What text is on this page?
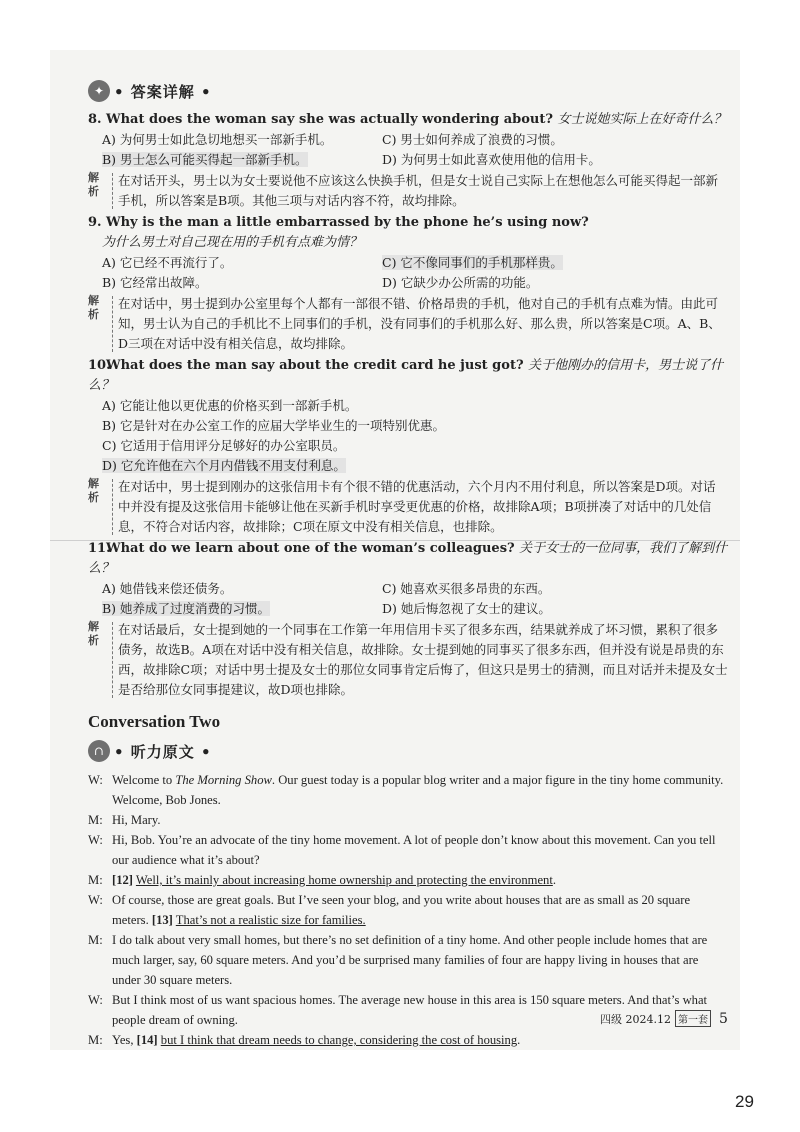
✦ • 答案详解 •
8. What does the woman say she was actually wondering about? 女士说她实际上在好奇什么？
A) 为何男士如此急切地想买一部新手机。	C) 男士如何养成了浪费的习惯。
B) 男士怎么可能买得起一部新手机。	D) 为何男士如此喜欢使用他的信用卡。
解析
在对话开头，男士以为女士要说他不应该这么快换手机，但是女士说自己实际上在想他怎么可能买得起一部新手机，所以答案是B项。其他三项与对话内容不符，故均排除。
9. Why is the man a little embarrassed by the phone he’s using now?
为什么男士对自己现在用的手机有点难为情？
A) 它已经不再流行了。	C) 它不像同事们的手机那样贵。
B) 它经常出故障。	D) 它缺少办公所需的功能。
解析
在对话中，男士提到办公室里每个人都有一部很不错、价格昂贵的手机，他对自己的手机有点难为情。由此可知，男士认为自己的手机比不上同事们的手机，没有同事们的手机那么好、那么贵，所以答案是C项。A、B、D三项在对话中没有相关信息，故均排除。
10.What does the man say about the credit card he just got? 关于他刚办的信用卡，男士说了什么？
A) 它能让他以更优惠的价格买到一部新手机。
B) 它是针对在办公室工作的应届大学毕业生的一项特别优惠。
C) 它适用于信用评分足够好的办公室职员。
D) 它允许他在六个月内借钱不用支付利息。
解析
在对话中，男士提到刚办的这张信用卡有个很不错的优惠活动，六个月内不用付利息，所以答案是D项。对话中并没有提及这张信用卡能够让他在买新手机时享受更优惠的价格，故排除A项；B项拼凑了对话中的几处信息，不符合对话内容，故排除；C项在原文中没有相关信息，也排除。
11.What do we learn about one of the woman’s colleagues? 关于女士的一位同事，我们了解到什么？
A) 她借钱来偿还债务。	C) 她喜欢买很多昂贵的东西。
B) 她养成了过度消费的习惯。	D) 她后悔忽视了女士的建议。
解析
在对话最后，女士提到她的一个同事在工作第一年用信用卡买了很多东西，结果就养成了坏习惯，累积了很多债务，故选B。A项在对话中没有相关信息，故排除。女士提到她的同事买了很多东西，但并没有说是昂贵的东西，故排除C项；对话中男士提及女士的那位女同事肯定后悔了，但这只是男士的猜测，而且对话并未提及女士是否给那位女同事提建议，故D项也排除。
Conversation Two
∩ • 听力原文 •
W: Welcome to The Morning Show. Our guest today is a popular blog writer and a major figure in the tiny home community. Welcome, Bob Jones.
M: Hi, Mary.
W: Hi, Bob. You’re an advocate of the tiny home movement. A lot of people don’t know about this movement. Can you tell our audience what it’s about?
M: [12] Well, it’s mainly about increasing home ownership and protecting the environment.
W: Of course, those are great goals. But I’ve seen your blog, and you write about houses that are as small as 20 square meters. [13] That’s not a realistic size for families.
M: I do talk about very small homes, but there’s no set definition of a tiny home. And other people include homes that are much larger, say, 60 square meters. And you’d be surprised many families of four are happy living in houses that are under 30 square meters.
W: But I think most of us want spacious homes. The average new house in this area is 150 square meters. And that’s what people dream of owning.
M: Yes, [14] but I think that dream needs to change, considering the cost of housing.
四级 2024.12 第一套 5
29
